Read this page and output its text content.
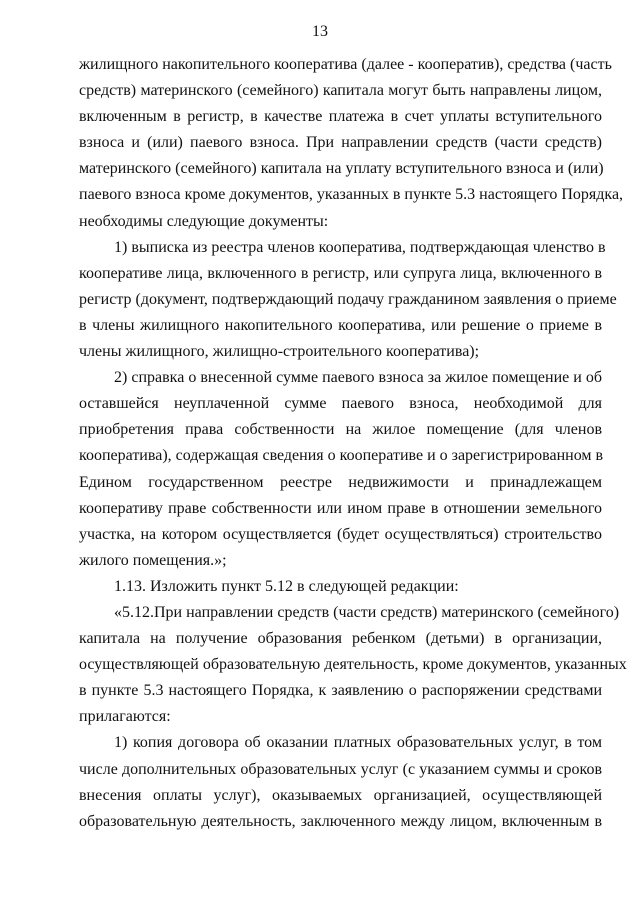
13
жилищного накопительного кооператива (далее - кооператив), средства (часть
средств) материнского (семейного) капитала могут быть направлены лицом,
включенным в регистр, в качестве платежа в счет уплаты вступительного
взноса и (или) паевого взноса. При направлении средств (части средств)
материнского (семейного) капитала на уплату вступительного взноса и (или)
паевого взноса кроме документов, указанных в пункте 5.3 настоящего Порядка,
необходимы следующие документы:
1) выписка из реестра членов кооператива, подтверждающая членство в
кооперативе лица, включенного в регистр, или супруга лица, включенного в
регистр (документ, подтверждающий подачу гражданином заявления о приеме
в члены жилищного накопительного кооператива, или решение о приеме в
члены жилищного, жилищно-строительного кооператива);
2) справка о внесенной сумме паевого взноса за жилое помещение и об
оставшейся неуплаченной сумме паевого взноса, необходимой для
приобретения права собственности на жилое помещение (для членов
кооператива), содержащая сведения о кооперативе и о зарегистрированном в
Едином государственном реестре недвижимости и принадлежащем
кооперативу праве собственности или ином праве в отношении земельного
участка, на котором осуществляется (будет осуществляться) строительство
жилого помещения.»;
1.13. Изложить пункт 5.12 в следующей редакции:
«5.12.При направлении средств (части средств) материнского (семейного)
капитала на получение образования ребенком (детьми) в организации,
осуществляющей образовательную деятельность, кроме документов, указанных
в пункте 5.3 настоящего Порядка, к заявлению о распоряжении средствами
прилагаются:
1) копия договора об оказании платных образовательных услуг, в том
числе дополнительных образовательных услуг (с указанием суммы и сроков
внесения оплаты услуг), оказываемых организацией, осуществляющей
образовательную деятельность, заключенного между лицом, включенным в
